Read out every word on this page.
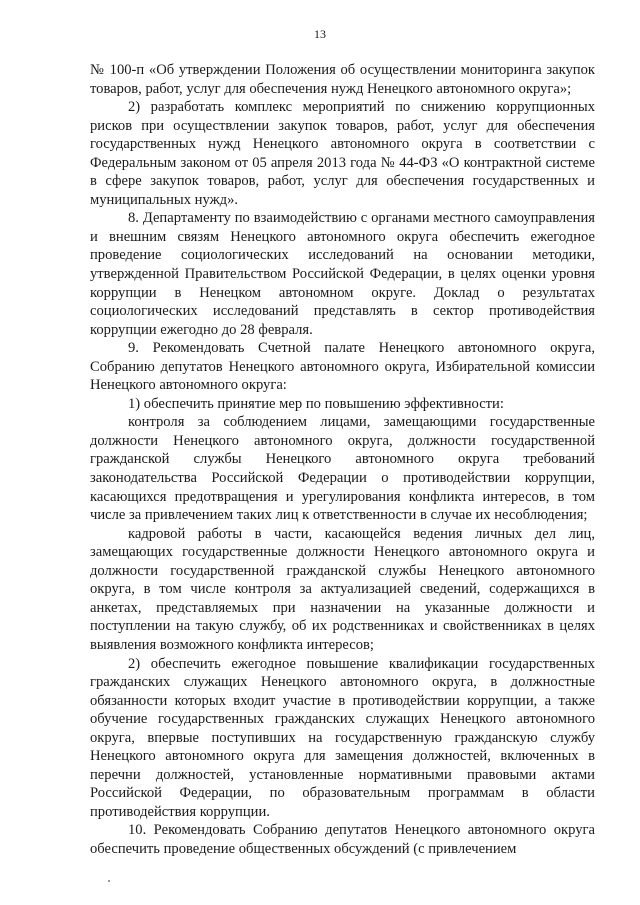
13

№ 100-п «Об утверждении Положения об осуществлении мониторинга закупок товаров, работ, услуг для обеспечения нужд Ненецкого автономного округа»;

2) разработать комплекс мероприятий по снижению коррупционных рисков при осуществлении закупок товаров, работ, услуг для обеспечения государственных нужд Ненецкого автономного округа в соответствии с Федеральным законом от 05 апреля 2013 года № 44-ФЗ «О контрактной системе в сфере закупок товаров, работ, услуг для обеспечения государственных и муниципальных нужд».

8. Департаменту по взаимодействию с органами местного самоуправления и внешним связям Ненецкого автономного округа обеспечить ежегодное проведение социологических исследований на основании методики, утвержденной Правительством Российской Федерации, в целях оценки уровня коррупции в Ненецком автономном округе. Доклад о результатах социологических исследований представлять в сектор противодействия коррупции ежегодно до 28 февраля.

9. Рекомендовать Счетной палате Ненецкого автономного округа, Собранию депутатов Ненецкого автономного округа, Избирательной комиссии Ненецкого автономного округа:

1) обеспечить принятие мер по повышению эффективности:

контроля за соблюдением лицами, замещающими государственные должности Ненецкого автономного округа, должности государственной гражданской службы Ненецкого автономного округа требований законодательства Российской Федерации о противодействии коррупции, касающихся предотвращения и урегулирования конфликта интересов, в том числе за привлечением таких лиц к ответственности в случае их несоблюдения;

кадровой работы в части, касающейся ведения личных дел лиц, замещающих государственные должности Ненецкого автономного округа и должности государственной гражданской службы Ненецкого автономного округа, в том числе контроля за актуализацией сведений, содержащихся в анкетах, представляемых при назначении на указанные должности и поступлении на такую службу, об их родственниках и свойственниках в целях выявления возможного конфликта интересов;

2) обеспечить ежегодное повышение квалификации государственных гражданских служащих Ненецкого автономного округа, в должностные обязанности которых входит участие в противодействии коррупции, а также обучение государственных гражданских служащих Ненецкого автономного округа, впервые поступивших на государственную гражданскую службу Ненецкого автономного округа для замещения должностей, включенных в перечни должностей, установленные нормативными правовыми актами Российской Федерации, по образовательным программам в области противодействия коррупции.

10. Рекомендовать Собранию депутатов Ненецкого автономного округа обеспечить проведение общественных обсуждений (с привлечением
